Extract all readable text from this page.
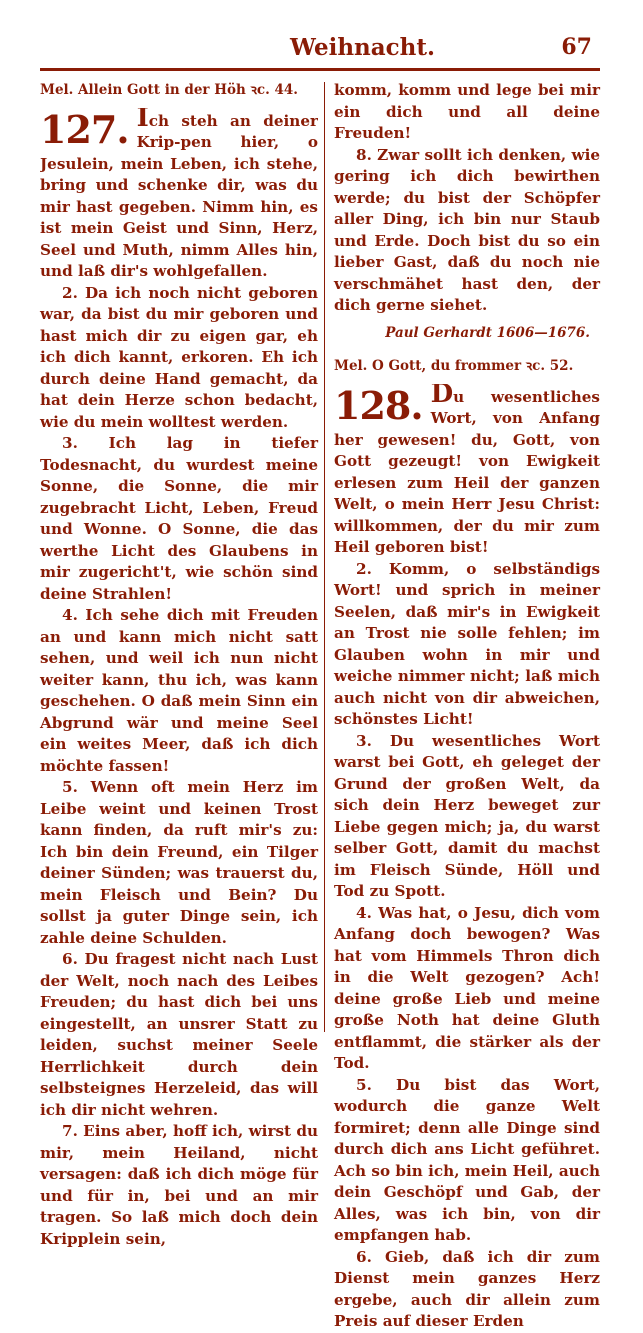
Weihnacht.	67
Mel. Allein Gott in der Höh ꝛc. 44.
127. Ich steh an deiner Krip-pen hier, o Jesulein, mein Leben, ich stehe, bring und schenke dir, was du mir hast gegeben. Nimm hin, es ist mein Geist und Sinn, Herz, Seel und Muth, nimm Alles hin, und laß dir's wohlgefallen.

2. Da ich noch nicht geboren war, da bist du mir geboren und hast mich dir zu eigen gar, eh ich dich kannt, erkoren. Eh ich durch deine Hand gemacht, da hat dein Herze schon bedacht, wie du mein wolltest werden.

3. Ich lag in tiefer Todesnacht, du wurdest meine Sonne, die Sonne, die mir zugebracht Licht, Leben, Freud und Wonne. O Sonne, die das werthe Licht des Glaubens in mir zugericht't, wie schön sind deine Strahlen!

4. Ich sehe dich mit Freuden an und kann mich nicht satt sehen, und weil ich nun nicht weiter kann, thu ich, was kann geschehen. O daß mein Sinn ein Abgrund wär und meine Seel ein weites Meer, daß ich dich möchte fassen!

5. Wenn oft mein Herz im Leibe weint und keinen Trost kann finden, da ruft mir's zu: Ich bin dein Freund, ein Tilger deiner Sünden; was trauerst du, mein Fleisch und Bein? Du sollst ja guter Dinge sein, ich zahle deine Schulden.

6. Du fragest nicht nach Lust der Welt, noch nach des Leibes Freuden; du hast dich bei uns eingestellt, an unsrer Statt zu leiden, suchst meiner Seele Herrlichkeit durch dein selbsteignes Herzeleid, das will ich dir nicht wehren.

7. Eins aber, hoff ich, wirst du mir, mein Heiland, nicht versagen: daß ich dich möge für und für in, bei und an mir tragen. So laß mich doch dein Kripplein sein,

komm, komm und lege bei mir ein dich und all deine Freuden!

8. Zwar sollt ich denken, wie gering ich dich bewirthen werde; du bist der Schöpfer aller Ding, ich bin nur Staub und Erde. Doch bist du so ein lieber Gast, daß du noch nie verschmähet hast den, der dich gerne siehet.

Paul Gerhardt 1606—1676.
Mel. O Gott, du frommer ꝛc. 52.
128. Du wesentliches Wort, von Anfang her gewesen! du, Gott, von Gott gezeugt! von Ewigkeit erlesen zum Heil der ganzen Welt, o mein Herr Jesu Christ: willkommen, der du mir zum Heil geboren bist!

2. Komm, o selbständigs Wort! und sprich in meiner Seelen, daß mir's in Ewigkeit an Trost nie solle fehlen; im Glauben wohn in mir und weiche nimmer nicht; laß mich auch nicht von dir abweichen, schönstes Licht!

3. Du wesentliches Wort warst bei Gott, eh geleget der Grund der großen Welt, da sich dein Herz beweget zur Liebe gegen mich; ja, du warst selber Gott, damit du machst im Fleisch Sünde, Höll und Tod zu Spott.

4. Was hat, o Jesu, dich vom Anfang doch bewogen? Was hat vom Himmels Thron dich in die Welt gezogen? Ach! deine große Lieb und meine große Noth hat deine Gluth entflammt, die stärker als der Tod.

5. Du bist das Wort, wodurch die ganze Welt formiret; denn alle Dinge sind durch dich ans Licht geführet. Ach so bin ich, mein Heil, auch dein Geschöpf und Gab, der Alles, was ich bin, von dir empfangen hab.

6. Gieb, daß ich dir zum Dienst mein ganzes Herz ergebe, auch dir allein zum Preis auf dieser Erden
